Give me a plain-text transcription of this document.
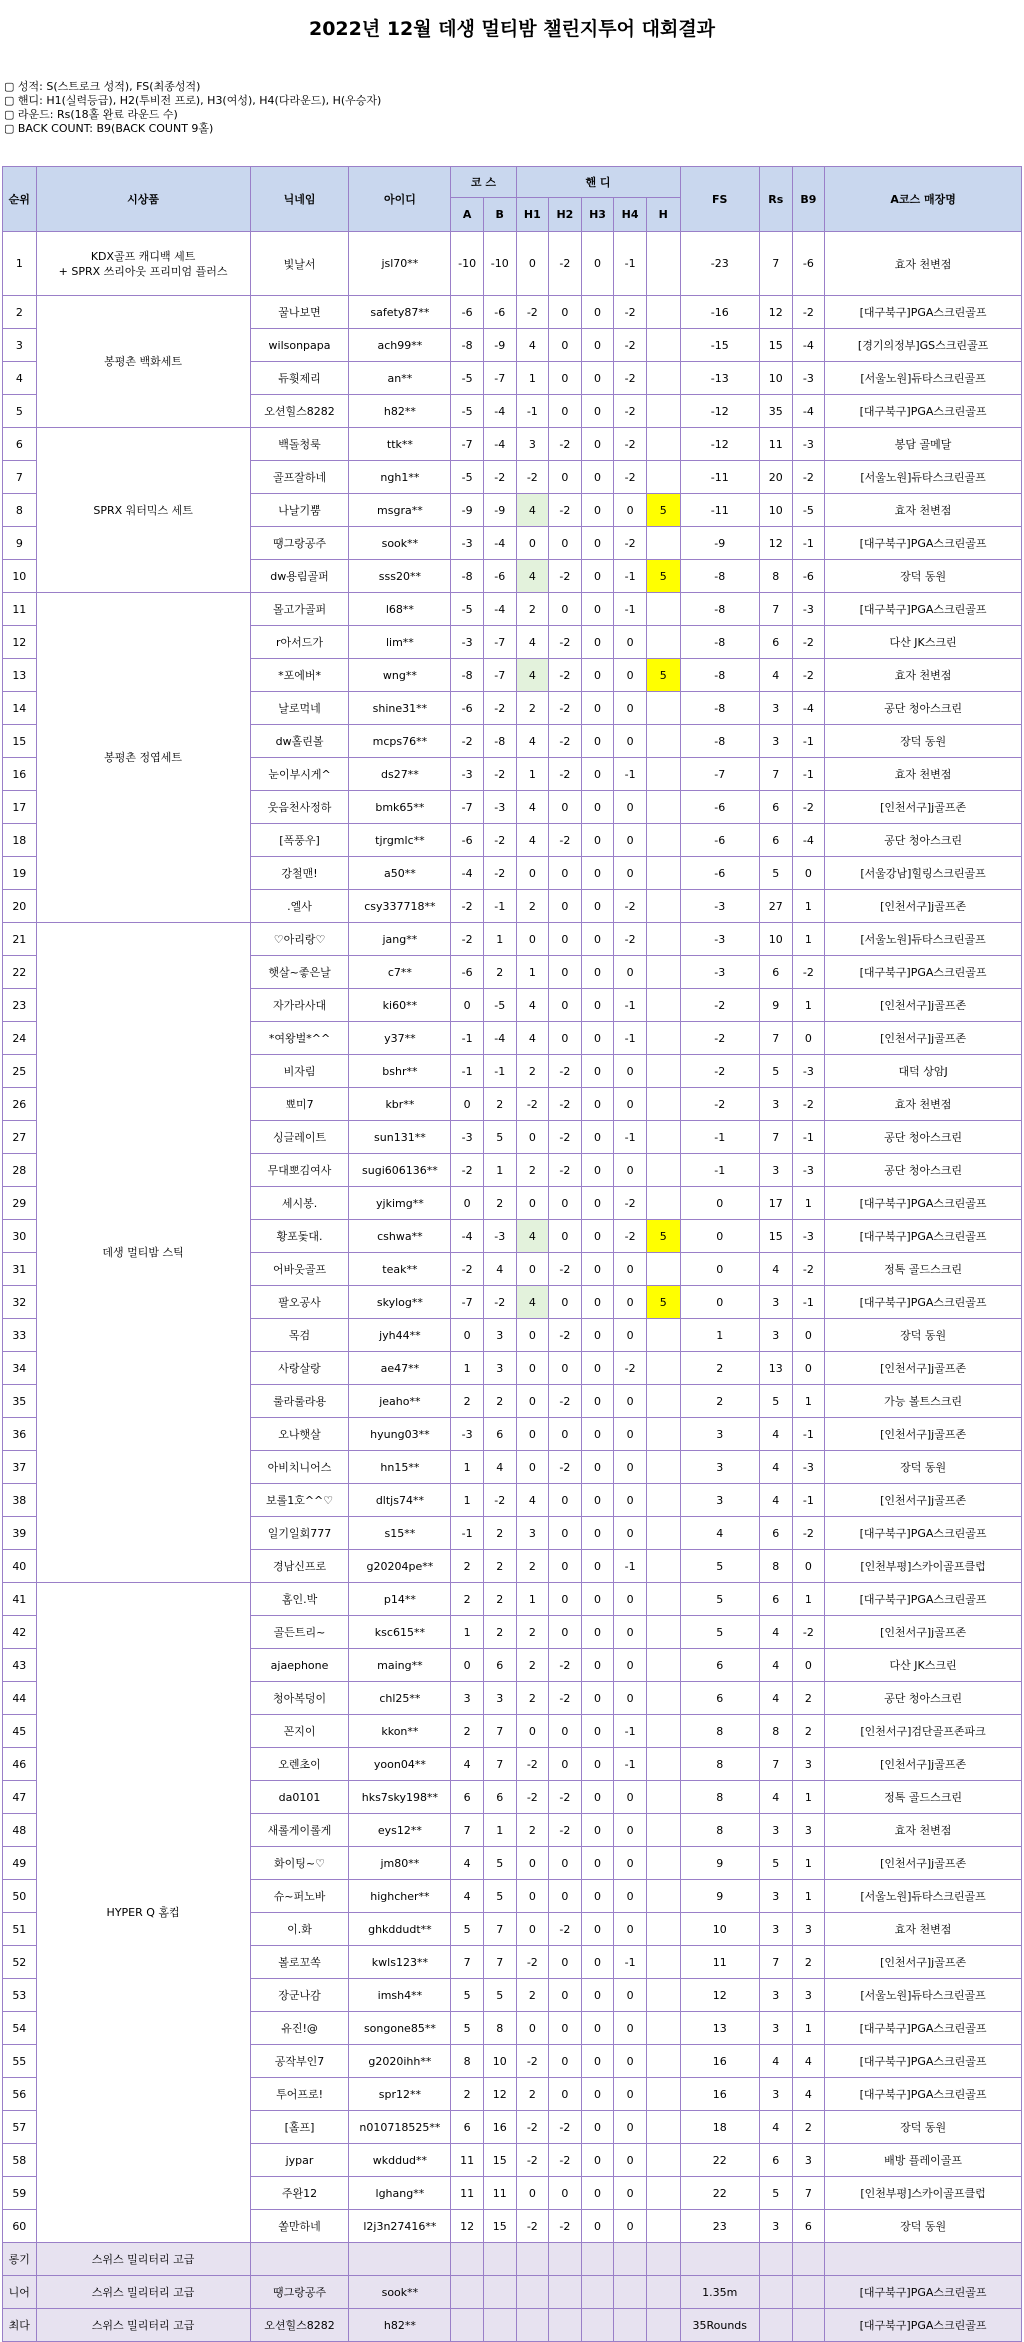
2022년 12월 데생 멀티밤 챌린지투어 대회결과
▢ 성적: S(스트로크 성적), FS(최종성적)
▢ 핸디: H1(실력등급), H2(투비전 프로), H3(여성), H4(다라운드), H(우승자)
▢ 라운드: Rs(18홀 완료 라운드 수)
▢ BACK COUNT: B9(BACK COUNT 9홀)
순위	시상품	닉네임	아이디	코 스		핸 디					FS	Rs	B9	A코스 매장명
				A	B	H1	H2	H3	H4	H				
1	KDX골프 캐디백 세트
+ SPRX 쓰리아웃 프리미엄 플러스	빛날서	jsl70**	-10	-10	0	-2	0	-1		-23	7	-6	효자 천변점
2	봉평촌 백화세트	꿀나보면	safety87**	-6	-6	-2	0	0	-2		-16	12	-2	[대구북구]PGA스크린골프
3		wilsonpapa	ach99**	-8	-9	4	0	0	-2		-15	15	-4	[경기의정부]GS스크린골프
4		듀휫제리	an**	-5	-7	1	0	0	-2		-13	10	-3	[서울노원]듀타스크린골프
5		오션힐스8282	h82**	-5	-4	-1	0	0	-2		-12	35	-4	[대구북구]PGA스크린골프
6	SPRX 워터믹스 세트	백돌청룩	ttk**	-7	-4	3	-2	0	-2		-12	11	-3	봉담 골메달
7		골프잘하네	ngh1**	-5	-2	-2	0	0	-2		-11	20	-2	[서울노원]듀타스크린골프
8		나날기뿜	msgra**	-9	-9	4	-2	0	0	5	-11	10	-5	효자 천변점
9		땡그랑공주	sook**	-3	-4	0	0	0	-2		-9	12	-1	[대구북구]PGA스크린골프
10		dw용림골퍼	sss20**	-8	-6	4	-2	0	-1	5	-8	8	-6	장덕 동원
11	봉평촌 정엽세트	몰고가골퍼	l68**	-5	-4	2	0	0	-1		-8	7	-3	[대구북구]PGA스크린골프
12		r아서드가	lim**	-3	-7	4	-2	0	0		-8	6	-2	다산 JK스크린
13		*포에버*	wng**	-8	-7	4	-2	0	0	5	-8	4	-2	효자 천변점
14		날로먹네	shine31**	-6	-2	2	-2	0	0		-8	3	-4	공단 청아스크린
15		dw홀린볼	mcps76**	-2	-8	4	-2	0	0		-8	3	-1	장덕 동원
16		눈이부시게^	ds27**	-3	-2	1	-2	0	-1		-7	7	-1	효자 천변점
17		웃음천사정하	bmk65**	-7	-3	4	0	0	0		-6	6	-2	[인천서구]j골프존
18		[폭풍우]	tjrgmlc**	-6	-2	4	-2	0	0		-6	6	-4	공단 청아스크린
19		강철맨!	a50**	-4	-2	0	0	0	0		-6	5	0	[서울강남]힐링스크린골프
20		.엘사	csy337718**	-2	-1	2	0	0	-2		-3	27	1	[인천서구]j골프존
21	데생 멀티밤 스틱	♡아리랑♡	jang**	-2	1	0	0	0	-2		-3	10	1	[서울노원]듀타스크린골프
22		햇살~좋은날	c7**	-6	2	1	0	0	0		-3	6	-2	[대구북구]PGA스크린골프
23		자가라사대	ki60**	0	-5	4	0	0	-1		-2	9	1	[인천서구]j골프존
24		*여왕벌*^^	y37**	-1	-4	4	0	0	-1		-2	7	0	[인천서구]j골프존
25		비자림	bshr**	-1	-1	2	-2	0	0		-2	5	-3	대덕 상암J
26		뾰미7	kbr**	0	2	-2	-2	0	0		-2	3	-2	효자 천변점
27		싱글레이트	sun131**	-3	5	0	-2	0	-1		-1	7	-1	공단 청아스크린
28		무대뽀김여사	sugi606136**	-2	1	2	-2	0	0		-1	3	-3	공단 청아스크린
29		세시봉.	yjkimg**	0	2	0	0	0	-2		0	17	1	[대구북구]PGA스크린골프
30		황포돛대.	cshwa**	-4	-3	4	0	0	-2	5	0	15	-3	[대구북구]PGA스크린골프
31		어바웃골프	teak**	-2	4	0	-2	0	0		0	4	-2	정톡 골드스크린
32		팔오공사	skylog**	-7	-2	4	0	0	0	5	0	3	-1	[대구북구]PGA스크린골프
33		목검	jyh44**	0	3	0	-2	0	0		1	3	0	장덕 동원
34		사랑살랑	ae47**	1	3	0	0	0	-2		2	13	0	[인천서구]j골프존
35		룰라룰라용	jeaho**	2	2	0	-2	0	0		2	5	1	가능 볼트스크린
36		오나햇살	hyung03**	-3	6	0	0	0	0		3	4	-1	[인천서구]j골프존
37		아비치니어스	hn15**	1	4	0	-2	0	0		3	4	-3	장덕 동원
38		보롤1호^^♡	dltjs74**	1	-2	4	0	0	0		3	4	-1	[인천서구]j골프존
39		일기일회777	s15**	-1	2	3	0	0	0		4	6	-2	[대구북구]PGA스크린골프
40		경남신프로	g20204pe**	2	2	2	0	0	-1		5	8	0	[인천부평]스카이골프클럽
41	HYPER Q 홈컵	홈인.박	p14**	2	2	1	0	0	0		5	6	1	[대구북구]PGA스크린골프
42		골든트리~	ksc615**	1	2	2	0	0	0		5	4	-2	[인천서구]j골프존
43		ajaephone	maing**	0	6	2	-2	0	0		6	4	0	다산 JK스크린
44		청아복덩이	chl25**	3	3	2	-2	0	0		6	4	2	공단 청아스크린
45		꼰지이	kkon**	2	7	0	0	0	-1		8	8	2	[인천서구]검단골프존파크
46		오렌초이	yoon04**	4	7	-2	0	0	-1		8	7	3	[인천서구]j골프존
47		da0101	hks7sky198**	6	6	-2	-2	0	0		8	4	1	정톡 골드스크린
48		새롤게이롤게	eys12**	7	1	2	-2	0	0		8	3	3	효자 천변점
49		화이팅~♡	jm80**	4	5	0	0	0	0		9	5	1	[인천서구]j골프존
50		슈~퍼노바	highcher**	4	5	0	0	0	0		9	3	1	[서울노원]듀타스크린골프
51		이.화	ghkddudt**	5	7	0	-2	0	0		10	3	3	효자 천변점
52		볼로꼬쏙	kwls123**	7	7	-2	0	0	-1		11	7	2	[인천서구]j골프존
53		장군나감	imsh4**	5	5	2	0	0	0		12	3	3	[서울노원]듀타스크린골프
54		유진!@	songone85**	5	8	0	0	0	0		13	3	1	[대구북구]PGA스크린골프
55		공작부인7	g2020ihh**	8	10	-2	0	0	0		16	4	4	[대구북구]PGA스크린골프
56		투어프로!	spr12**	2	12	2	0	0	0		16	3	4	[대구북구]PGA스크린골프
57		[홀프]	n010718525**	6	16	-2	-2	0	0		18	4	2	장덕 동원
58		jypar	wkddud**	11	15	-2	-2	0	0		22	6	3	배방 플레이골프
59		주완12	lghang**	11	11	0	0	0	0		22	5	7	[인천부평]스카이골프클럽
60		쏠만하네	l2j3n27416**	12	15	-2	-2	0	0		23	3	6	장덕 동원
롱기	스위스 밀리터리 고급													
니어	스위스 밀리터리 고급	땡그랑공주	sook**								1.35m			[대구북구]PGA스크린골프
최다	스위스 밀리터리 고급	오션힐스8282	h82**								35Rounds			[대구북구]PGA스크린골프
